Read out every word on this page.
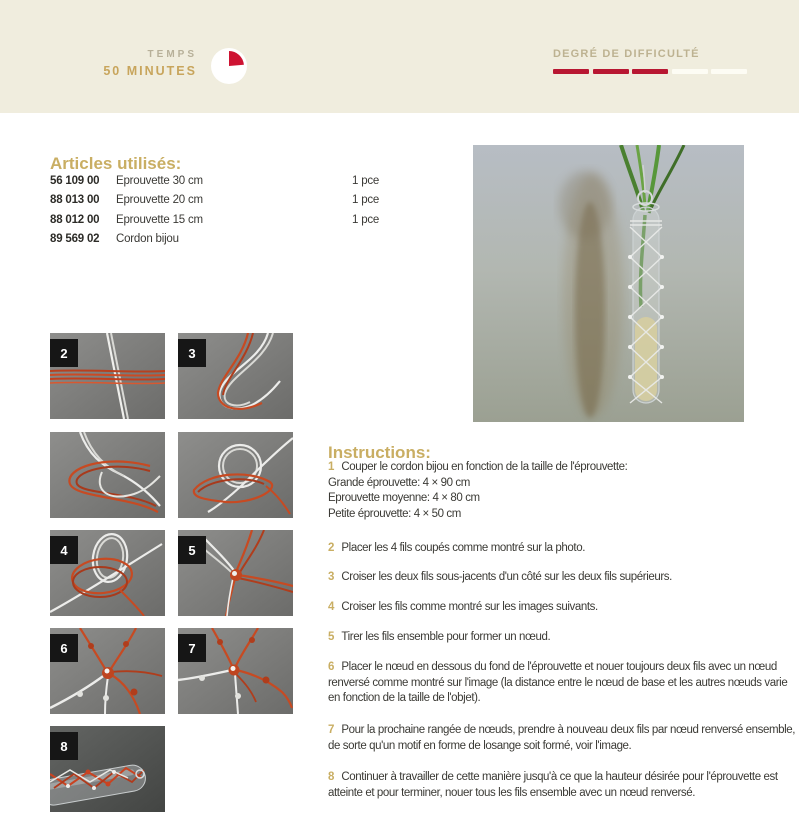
TEMPS
50 MINUTES
DEGRÉ DE DIFFICULTÉ
Articles utilisés:
56 109 00	Eprouvette 30 cm	1 pce
88 013 00	Eprouvette 20 cm	1 pce
88 012 00	Eprouvette 15 cm	1 pce
89 569 02	Cordon bijou
2	3
4	5
6	7
8
Instructions:
1 Couper le cordon bijou en fonction de la taille de l'éprouvette:
Grande éprouvette: 4 × 90 cm
Eprouvette moyenne: 4 × 80 cm
Petite éprouvette: 4 × 50 cm
2 Placer les 4 fils coupés comme montré sur la photo.
3 Croiser les deux fils sous-jacents d'un côté sur les deux fils supérieurs.
4 Croiser les fils comme montré sur les images suivants.
5 Tirer les fils ensemble pour former un nœud.
6 Placer le nœud en dessous du fond de l'éprouvette et nouer toujours deux fils avec un nœud renversé comme montré sur l'image (la distance entre le nœud de base et les autres nœuds varie en fonction de la taille de l'objet).
7 Pour la prochaine rangée de nœuds, prendre à nouveau deux fils par nœud renversé ensemble, de sorte qu'un motif en forme de losange soit formé, voir l'image.
8 Continuer à travailler de cette manière jusqu'à ce que la hauteur désirée pour l'éprouvette est atteinte et pour terminer, nouer tous les fils ensemble avec un nœud renversé.
